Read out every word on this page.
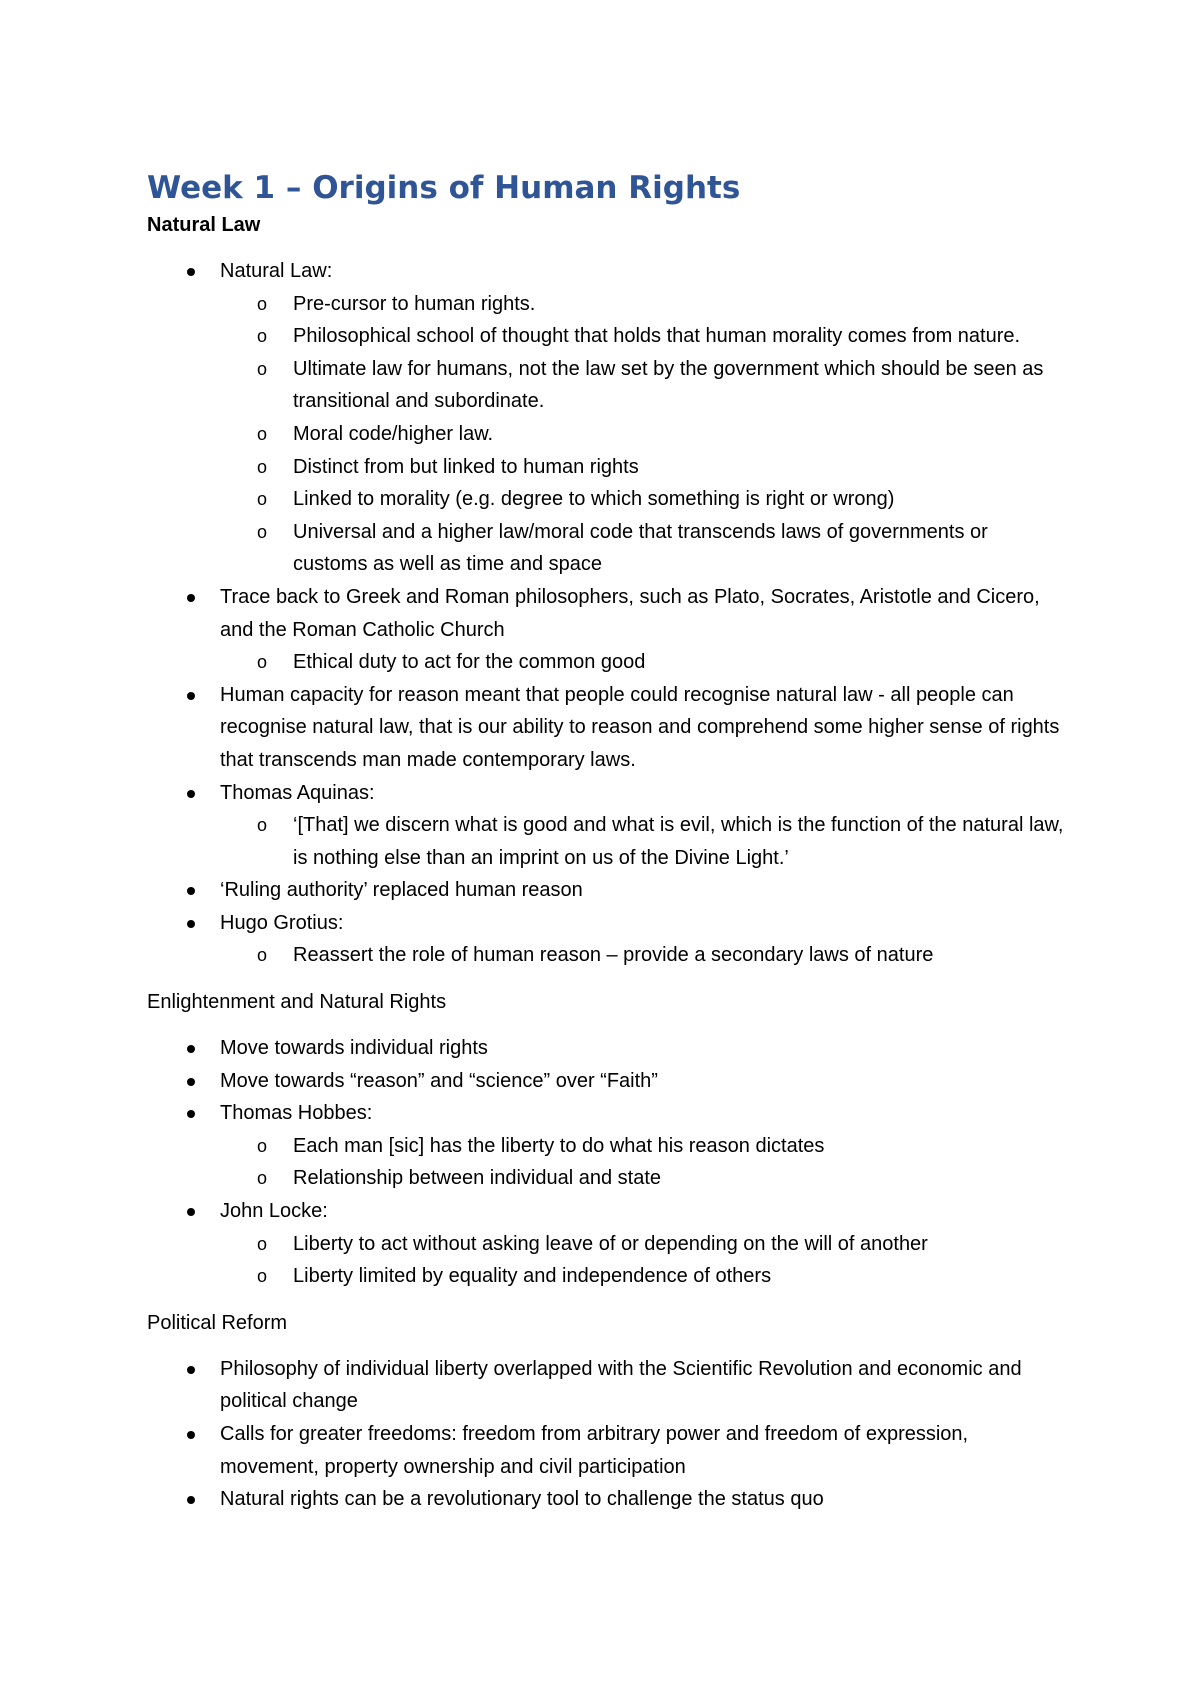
Week 1 – Origins of Human Rights
Natural Law
Natural Law:
o Pre-cursor to human rights.
o Philosophical school of thought that holds that human morality comes from nature.
o Ultimate law for humans, not the law set by the government which should be seen as transitional and subordinate.
o Moral code/higher law.
o Distinct from but linked to human rights
o Linked to morality (e.g. degree to which something is right or wrong)
o Universal and a higher law/moral code that transcends laws of governments or customs as well as time and space
Trace back to Greek and Roman philosophers, such as Plato, Socrates, Aristotle and Cicero, and the Roman Catholic Church
o Ethical duty to act for the common good
Human capacity for reason meant that people could recognise natural law - all people can recognise natural law, that is our ability to reason and comprehend some higher sense of rights that transcends man made contemporary laws.
Thomas Aquinas:
o ‘[That] we discern what is good and what is evil, which is the function of the natural law, is nothing else than an imprint on us of the Divine Light.’
‘Ruling authority’ replaced human reason
Hugo Grotius:
o Reassert the role of human reason – provide a secondary laws of nature
Enlightenment and Natural Rights
Move towards individual rights
Move towards “reason” and “science” over “Faith”
Thomas Hobbes:
o Each man [sic] has the liberty to do what his reason dictates
o Relationship between individual and state
John Locke:
o Liberty to act without asking leave of or depending on the will of another
o Liberty limited by equality and independence of others
Political Reform
Philosophy of individual liberty overlapped with the Scientific Revolution and economic and political change
Calls for greater freedoms: freedom from arbitrary power and freedom of expression, movement, property ownership and civil participation
Natural rights can be a revolutionary tool to challenge the status quo
